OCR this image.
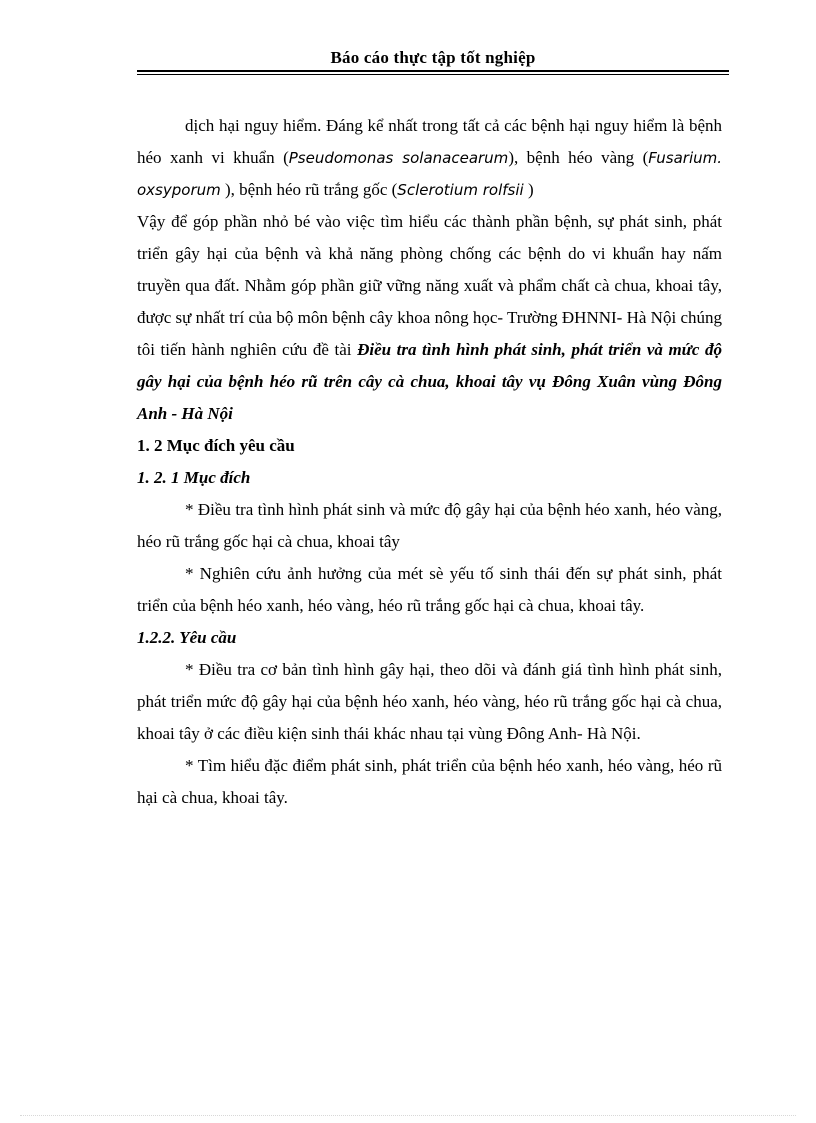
Báo cáo thực tập tốt nghiệp

dịch hại nguy hiểm. Đáng kể nhất trong tất cả các bệnh hại nguy hiểm là bệnh héo xanh vi khuẩn (Pseudomonas solanacearum), bệnh héo vàng (Fusarium. oxsyporum ), bệnh héo rũ trắng gốc (Sclerotium rolfsii )

Vậy để góp phần nhỏ bé vào việc tìm hiểu các thành phần bệnh, sự phát sinh, phát triển gây hại của bệnh và khả năng phòng chống các bệnh do vi khuẩn hay nấm truyền qua đất. Nhằm góp phần giữ vững năng xuất và phẩm chất cà chua, khoai tây, được sự nhất trí của bộ môn bệnh cây khoa nông học- Trường ĐHNNI- Hà Nội chúng tôi tiến hành nghiên cứu đề tài Điều tra tình hình phát sinh, phát triển và mức độ gây hại của bệnh héo rũ trên cây cà chua, khoai tây vụ Đông Xuân vùng Đông Anh - Hà Nội

1. 2 Mục đích yêu cầu

1. 2. 1 Mục đích

* Điều tra tình hình phát sinh và mức độ gây hại của bệnh héo xanh, héo vàng, héo rũ trắng gốc hại cà chua, khoai tây

* Nghiên cứu ảnh hưởng của mét sè yếu tố sinh thái đến sự phát sinh, phát triển của bệnh héo xanh, héo vàng, héo rũ trắng gốc hại cà chua, khoai tây.

1.2.2. Yêu cầu

* Điều tra cơ bản tình hình gây hại, theo dõi và đánh giá tình hình phát sinh, phát triển mức độ gây hại của bệnh héo xanh, héo vàng, héo rũ trắng gốc hại cà chua, khoai tây ở các điều kiện sinh thái khác nhau tại vùng Đông Anh- Hà Nội.

* Tìm hiểu đặc điểm phát sinh, phát triển của bệnh héo xanh, héo vàng, héo rũ hại cà chua, khoai tây.
